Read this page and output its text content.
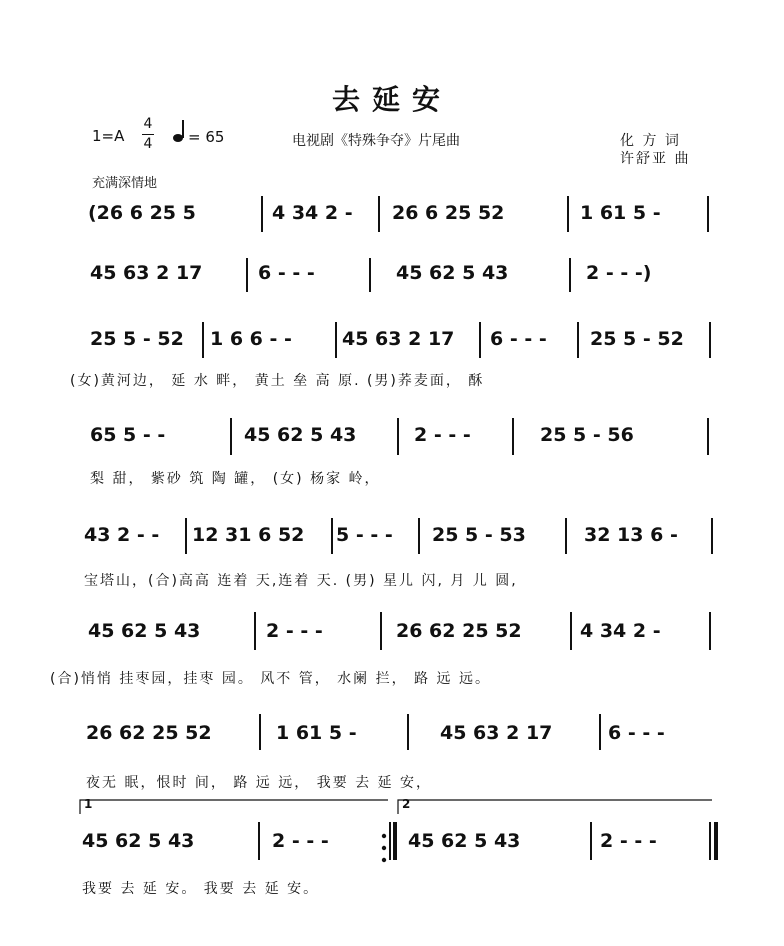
去延安
1=A
4
4 = 65	电视剧《特殊争夺》片尾曲	化 方 词
许舒亚 曲
充满深情地
1	2
(26 6 25 5	4 34 2 - 26 6 25 52	1 61 5 -
45 63 2 17	6 - - -	45 62 5 43	2 - - -)
25 5 - 52 1 6 6 - -	45 63 2 17 6 - - - 25 5 - 52
(女)黄河边， 延 水 畔， 黄土 垒 高 原. (男)荞麦面， 酥
65 5 - -	45 62 5 43	2 - - -	25 5 - 56
梨 甜， 紫砂 筑 陶 罐， (女) 杨家 岭，
43 2 - - 12 31 6 52 5 - - - 25 5 - 53	32 13 6 -
宝塔山，(合)高高 连着 天,连着 天. (男) 星儿 闪, 月 儿 圆,
45 62 5 43	2 - - -	26 62 25 52	4 34 2 -
(合)悄悄 挂枣园，挂枣 园。 风不 管， 水阑 拦， 路 远 远。
26 62 25 52	1 61 5 -	45 63 2 17	6 - - -
夜无 眠，恨时 间， 路 远 远， 我要 去 延 安，
45 62 5 43	2 - - -	45 62 5 43	2 - - -
我要 去 延 安。 我要 去 延 安。
